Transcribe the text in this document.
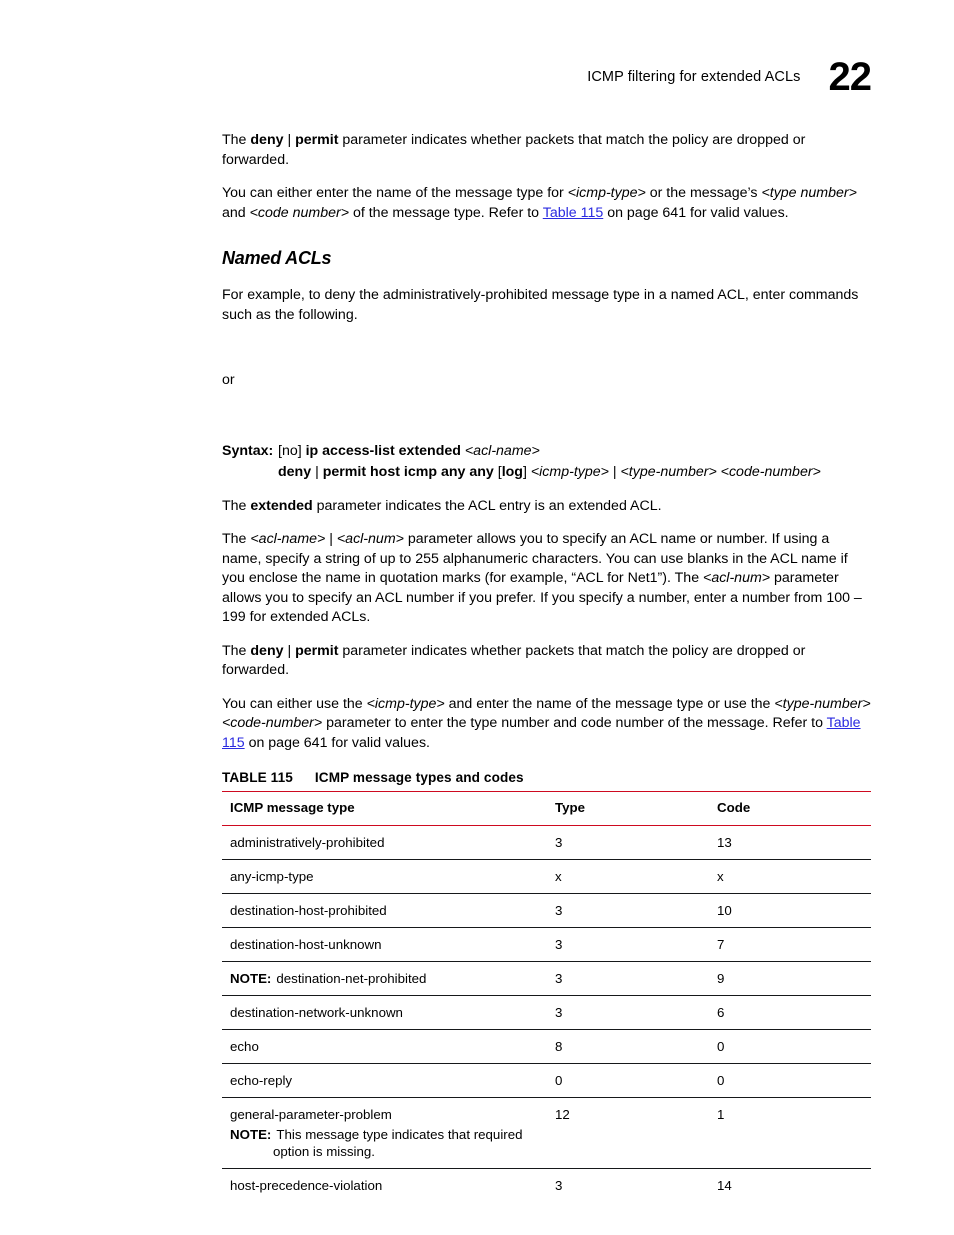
ICMP filtering for extended ACLs 22

The deny | permit parameter indicates whether packets that match the policy are dropped or forwarded.

You can either enter the name of the message type for <icmp-type> or the message’s <type number> and <code number> of the message type. Refer to Table 115 on page 641 for valid values.

Named ACLs

For example, to deny the administratively-prohibited message type in a named ACL, enter commands such as the following.

or

Syntax: [no] ip access-list extended <acl-name>
deny | permit host icmp any any [log] <icmp-type> | <type-number> <code-number>

The extended parameter indicates the ACL entry is an extended ACL.

The <acl-name> | <acl-num> parameter allows you to specify an ACL name or number. If using a name, specify a string of up to 255 alphanumeric characters. You can use blanks in the ACL name if you enclose the name in quotation marks (for example, “ACL for Net1”). The <acl-num> parameter allows you to specify an ACL number if you prefer. If you specify a number, enter a number from 100 – 199 for extended ACLs.

The deny | permit parameter indicates whether packets that match the policy are dropped or forwarded.

You can either use the <icmp-type> and enter the name of the message type or use the <type-number> <code-number> parameter to enter the type number and code number of the message. Refer to Table 115 on page 641 for valid values.

TABLE 115 ICMP message types and codes
ICMP message type	Type	Code
administratively-prohibited	3	13
any-icmp-type	x	x
destination-host-prohibited	3	10
destination-host-unknown	3	7
NOTE: destination-net-prohibited	3	9
destination-network-unknown	3	6
echo	8	0
echo-reply	0	0
general-parameter-problem
NOTE: This message type indicates that required
option is missing.	12	1
host-precedence-violation	3	14
